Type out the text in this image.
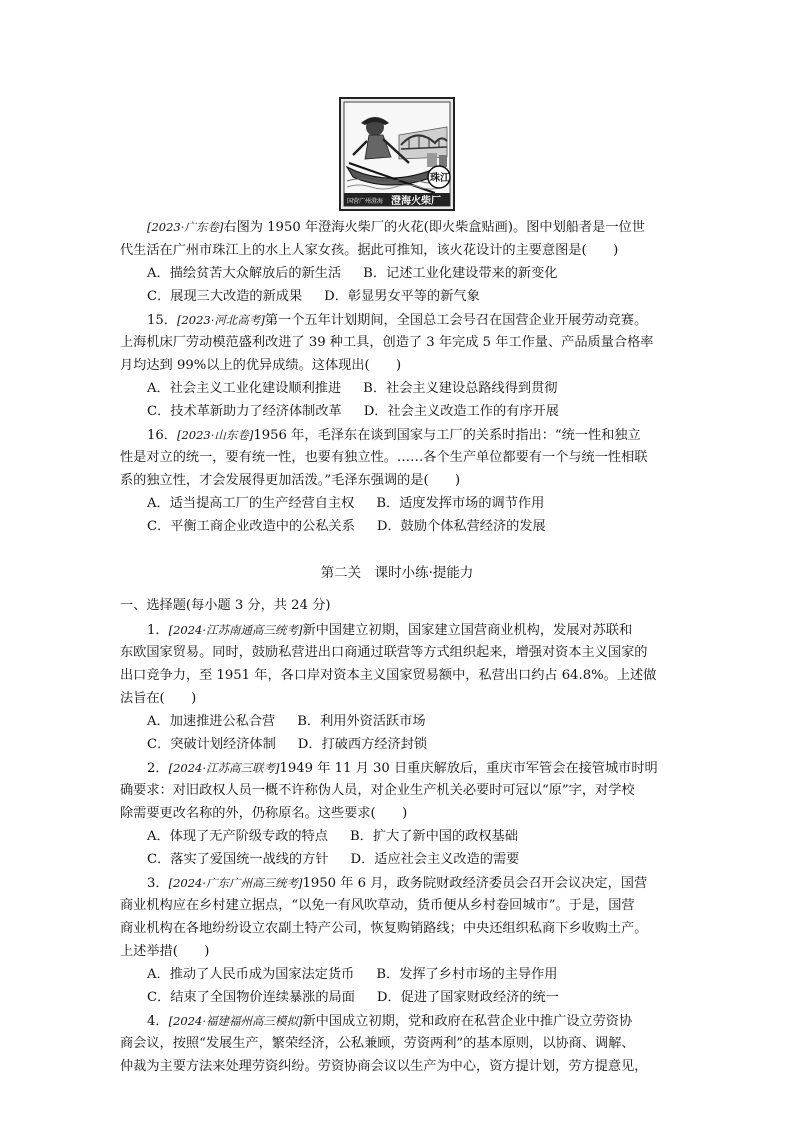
国营广州澄海 澄海火柴厂
珠江
[2023·广东卷]右图为 1950 年澄海火柴厂的火花(即火柴盒贴画)。图中划船者是一位世
代生活在广州市珠江上的水上人家女孩。据此可推知，该火花设计的主要意图是(　　)
A．描绘贫苦大众解放后的新生活 B．记述工业化建设带来的新变化
C．展现三大改造的新成果 D．彰显男女平等的新气象
15．[2023·河北高考]第一个五年计划期间，全国总工会号召在国营企业开展劳动竞赛。
上海机床厂劳动模范盛利改进了 39 种工具，创造了 3 年完成 5 年工作量、产品质量合格率
月均达到 99%以上的优异成绩。这体现出(　　)
A．社会主义工业化建设顺利推进 B．社会主义建设总路线得到贯彻
C．技术革新助力了经济体制改革 D．社会主义改造工作的有序开展
16．[2023·山东卷]1956 年，毛泽东在谈到国家与工厂的关系时指出：“统一性和独立
性是对立的统一，要有统一性，也要有独立性。……各个生产单位都要有一个与统一性相联
系的独立性，才会发展得更加活泼。”毛泽东强调的是(　　)
A．适当提高工厂的生产经营自主权 B．适度发挥市场的调节作用
C．平衡工商企业改造中的公私关系 D．鼓励个体私营经济的发展
第二关　课时小练·提能力
一、选择题(每小题 3 分，共 24 分)
1．[2024·江苏南通高三统考]新中国建立初期，国家建立国营商业机构，发展对苏联和
东欧国家贸易。同时，鼓励私营进出口商通过联营等方式组织起来，增强对资本主义国家的
出口竞争力，至 1951 年，各口岸对资本主义国家贸易额中，私营出口约占 64.8%。上述做
法旨在(　　)
A．加速推进公私合营 B．利用外资活跃市场
C．突破计划经济体制 D．打破西方经济封锁
2．[2024·江苏高三联考]1949 年 11 月 30 日重庆解放后，重庆市军管会在接管城市时明
确要求：对旧政权人员一概不许称伪人员，对企业生产机关必要时可冠以“原”字，对学校
除需要更改名称的外，仍称原名。这些要求(　　)
A．体现了无产阶级专政的特点 B．扩大了新中国的政权基础
C．落实了爱国统一战线的方针 D．适应社会主义改造的需要
3．[2024·广东广州高三统考]1950 年 6 月，政务院财政经济委员会召开会议决定，国营
商业机构应在乡村建立据点，“以免一有风吹草动，货币便从乡村卷回城市”。于是，国营
商业机构在各地纷纷设立农副土特产公司，恢复购销路线；中央还组织私商下乡收购土产。
上述举措(　　)
A．推动了人民币成为国家法定货币 B．发挥了乡村市场的主导作用
C．结束了全国物价连续暴涨的局面 D．促进了国家财政经济的统一
4．[2024·福建福州高三模拟]新中国成立初期，党和政府在私营企业中推广设立劳资协
商会议，按照“发展生产，繁荣经济，公私兼顾，劳资两利”的基本原则，以协商、调解、
仲裁为主要方法来处理劳资纠纷。劳资协商会议以生产为中心，资方提计划，劳方提意见，
